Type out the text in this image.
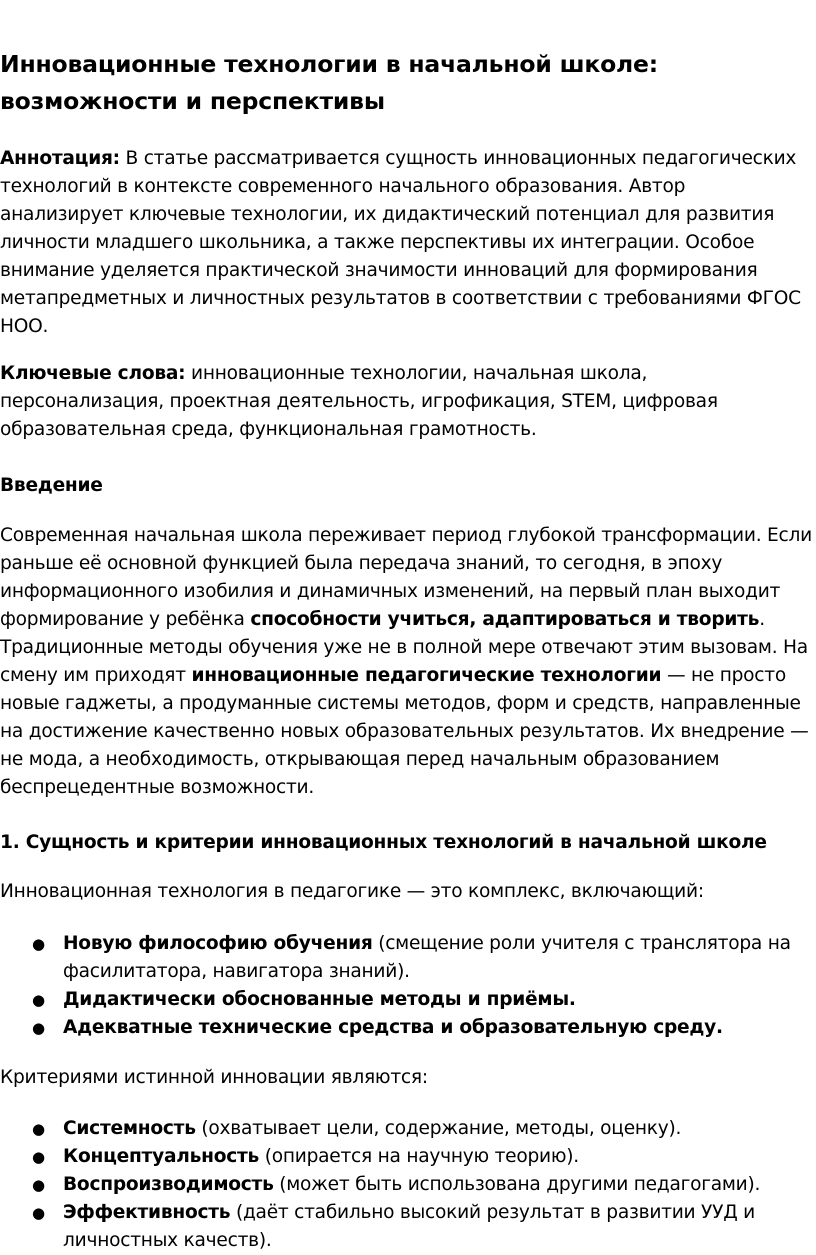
Инновационные технологии в начальной школе:
возможности и перспективы

Аннотация: В статье рассматривается сущность инновационных педагогических технологий в контексте современного начального образования. Автор анализирует ключевые технологии, их дидактический потенциал для развития личности младшего школьника, а также перспективы их интеграции. Особое внимание уделяется практической значимости инноваций для формирования метапредметных и личностных результатов в соответствии с требованиями ФГОС НОО.

Ключевые слова: инновационные технологии, начальная школа, персонализация, проектная деятельность, игрофикация, STEM, цифровая образовательная среда, функциональная грамотность.

Введение

Современная начальная школа переживает период глубокой трансформации. Если раньше её основной функцией была передача знаний, то сегодня, в эпоху информационного изобилия и динамичных изменений, на первый план выходит формирование у ребёнка способности учиться, адаптироваться и творить. Традиционные методы обучения уже не в полной мере отвечают этим вызовам. На смену им приходят инновационные педагогические технологии — не просто новые гаджеты, а продуманные системы методов, форм и средств, направленные на достижение качественно новых образовательных результатов. Их внедрение — не мода, а необходимость, открывающая перед начальным образованием беспрецедентные возможности.

1. Сущность и критерии инновационных технологий в начальной школе

Инновационная технология в педагогике — это комплекс, включающий:

● Новую философию обучения (смещение роли учителя с транслятора на фасилитатора, навигатора знаний).
● Дидактически обоснованные методы и приёмы.
● Адекватные технические средства и образовательную среду.

Критериями истинной инновации являются:

● Системность (охватывает цели, содержание, методы, оценку).
● Концептуальность (опирается на научную теорию).
● Воспроизводимость (может быть использована другими педагогами).
● Эффективность (даёт стабильно высокий результат в развитии УУД и личностных качеств).
